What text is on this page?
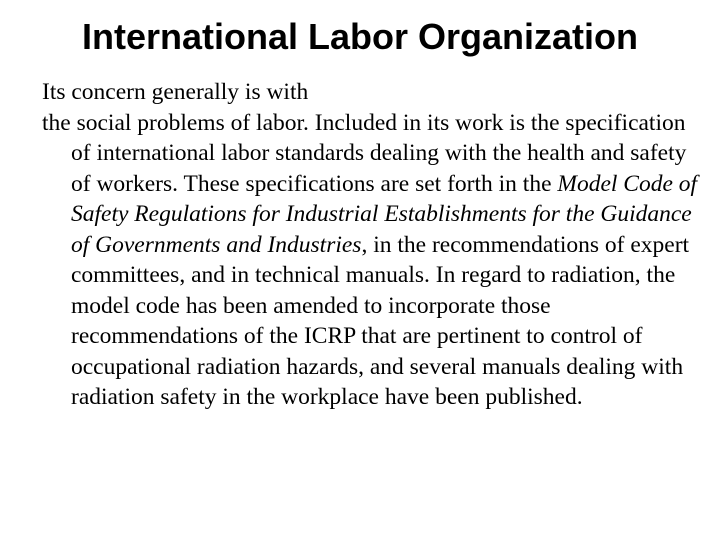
International Labor Organization

Its concern generally is with

the social problems of labor. Included in its work is the specification of international labor standards dealing with the health and safety of workers. These specifications are set forth in the Model Code of Safety Regulations for Industrial Establishments for the Guidance of Governments and Industries, in the recommendations of expert committees, and in technical manuals. In regard to radiation, the model code has been amended to incorporate those recommendations of the ICRP that are pertinent to control of occupational radiation hazards, and several manuals dealing with radiation safety in the workplace have been published.
